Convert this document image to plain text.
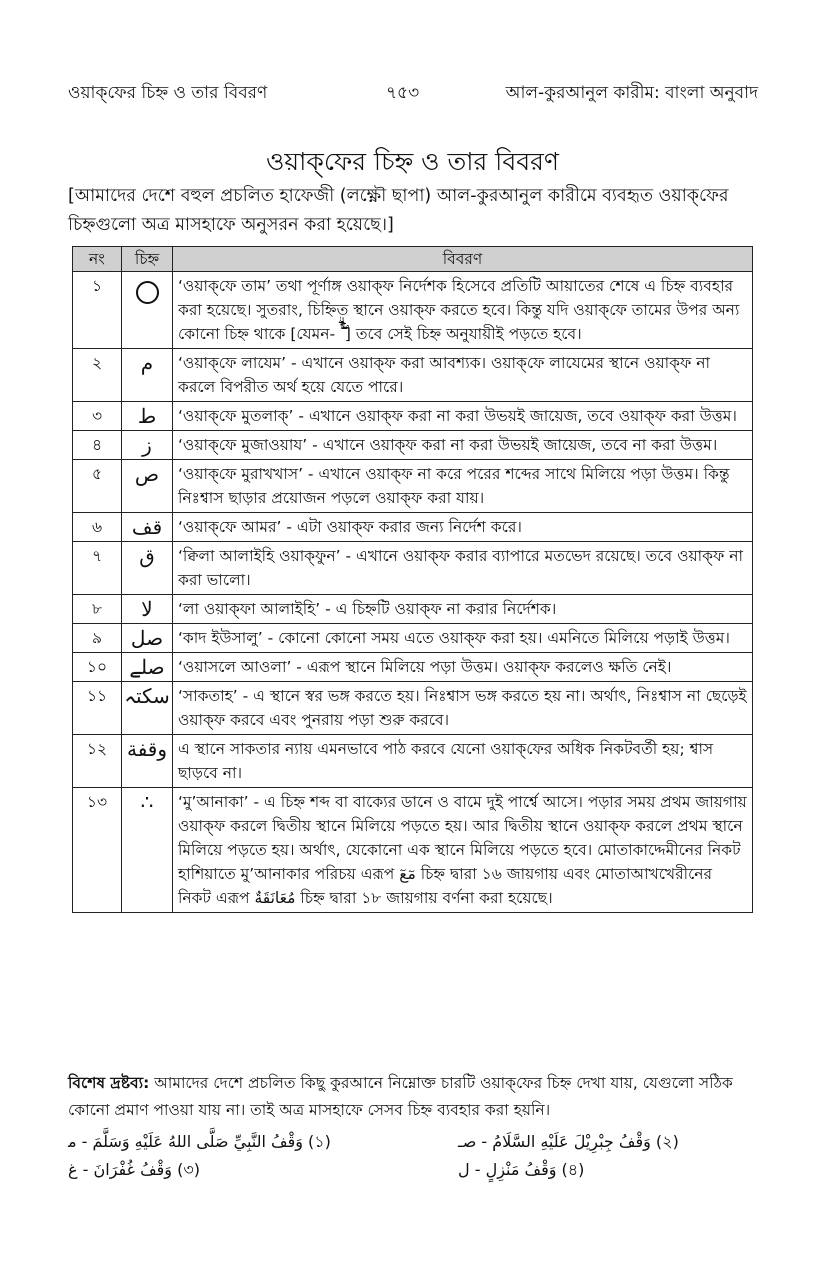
ওয়াক্‌ফের চিহ্ন ও তার বিবরণ	৭৫৩	আল-কুরআনুল কারীম: বাংলা অনুবাদ
ওয়াক্‌ফের চিহ্ন ও তার বিবরণ
[আমাদের দেশে বহুল প্রচলিত হাফেজী (লক্ষ্ণৌ ছাপা) আল-কুরআনুল কারীমে ব্যবহৃত ওয়াক্‌ফের চিহ্নগুলো অত্র মাসহাফে অনুসরন করা হয়েছে।]
নং	চিহ্ন	বিবরণ
১		‘ওয়াক্‌ফে তাম’ তথা পূর্ণাঙ্গ ওয়াক্‌ফ নির্দেশক হিসেবে প্রতিটি আয়াতের শেষে এ চিহ্ন ব্যবহার করা হয়েছে। সুতরাং, চিহ্নিত স্থানে ওয়াক্‌ফ করতে হবে। কিন্তু যদি ওয়াক্‌ফে তামের উপর অন্য কোনো চিহ্ন থাকে [যেমন- ] তবে সেই চিহ্ন অনুযায়ীই পড়তে হবে।
২	م	‘ওয়াক্‌ফে লাযেম’ - এখানে ওয়াক্‌ফ করা আবশ্যক। ওয়াক্‌ফে লাযেমের স্থানে ওয়াক্‌ফ না করলে বিপরীত অর্থ হয়ে যেতে পারে।
৩	ط	‘ওয়াক্‌ফে মুতলাক্‌’ - এখানে ওয়াক্‌ফ করা না করা উভয়ই জায়েজ, তবে ওয়াক্‌ফ করা উত্তম।
৪	ز	‘ওয়াক্‌ফে মুজাওয়ায’ - এখানে ওয়াক্‌ফ করা না করা উভয়ই জায়েজ, তবে না করা উত্তম।
৫	ص	‘ওয়াক্‌ফে মুরাখখাস’ - এখানে ওয়াক্‌ফ না করে পরের শব্দের সাথে মিলিয়ে পড়া উত্তম। কিন্তু নিঃশ্বাস ছাড়ার প্রয়োজন পড়লে ওয়াক্‌ফ করা যায়।
৬	قف	‘ওয়াক্‌ফে আমর’ - এটা ওয়াক্‌ফ করার জন্য নির্দেশ করে।
৭	ق	‘ক্বিলা আলাইহি ওয়াক্‌ফুন’ - এখানে ওয়াক্‌ফ করার ব্যাপারে মতভেদ রয়েছে। তবে ওয়াক্‌ফ না করা ভালো।
৮	لا	‘লা ওয়াক্‌ফা আলাইহি’ - এ চিহ্নটি ওয়াক্‌ফ না করার নির্দেশক।
৯	صل	‘কাদ ইউসালু’ - কোনো কোনো সময় এতে ওয়াক্‌ফ করা হয়। এমনিতে মিলিয়ে পড়াই উত্তম।
১০	صلے	‘ওয়াসলে আওলা’ - এরূপ স্থানে মিলিয়ে পড়া উত্তম। ওয়াক্‌ফ করলেও ক্ষতি নেই।
১১	سكتہ	‘সাকতাহ’ - এ স্থানে স্বর ভঙ্গ করতে হয়। নিঃশ্বাস ভঙ্গ করতে হয় না। অর্থাৎ, নিঃশ্বাস না ছেড়েই ওয়াক্‌ফ করবে এবং পুনরায় পড়া শুরু করবে।
১২	وقفة	এ স্থানে সাকতার ন্যায় এমনভাবে পাঠ করবে যেনো ওয়াক্‌ফের অধিক নিকটবর্তী হয়; শ্বাস ছাড়বে না।
১৩	∴	‘মু’আনাকা’ - এ চিহ্ন শব্দ বা বাক্যের ডানে ও বামে দুই পার্শ্বে আসে। পড়ার সময় প্রথম জায়গায় ওয়াক্‌ফ করলে দ্বিতীয় স্থানে মিলিয়ে পড়তে হয়। আর দ্বিতীয় স্থানে ওয়াক্‌ফ করলে প্রথম স্থানে মিলিয়ে পড়তে হয়। অর্থাৎ, যেকোনো এক স্থানে মিলিয়ে পড়তে হবে। মোতাকাদ্দেমীনের নিকট হাশিয়াতে মু’আনাকার পরিচয় এরূপ مٓعٓ চিহ্ন দ্বারা ১৬ জায়গায় এবং মোতাআখখেরীনের নিকট এরূপ مُعَانَقَةٌ চিহ্ন দ্বারা ১৮ জায়গায় বর্ণনা করা হয়েছে।
বিশেষ দ্রষ্টব্য: আমাদের দেশে প্রচলিত কিছু কুরআনে নিম্নোক্ত চারটি ওয়াক্‌ফের চিহ্ন দেখা যায়, যেগুলো সঠিক কোনো প্রমাণ পাওয়া যায় না। তাই অত্র মাসহাফে সেসব চিহ্ন ব্যবহার করা হয়নি।
(১) وَقْفُ النَّبِيِّ صَلَّى اللهُ عَلَيْهِ وَسَلَّمَ - ﻣ	(২) وَقْفُ جِبْرِيْلَ عَلَيْهِ السَّلَامُ - صـ
(৩) وَقْفُ غُفْرَانَ - غ	(৪) وَقْفُ مَنْزِلٍ - ل
